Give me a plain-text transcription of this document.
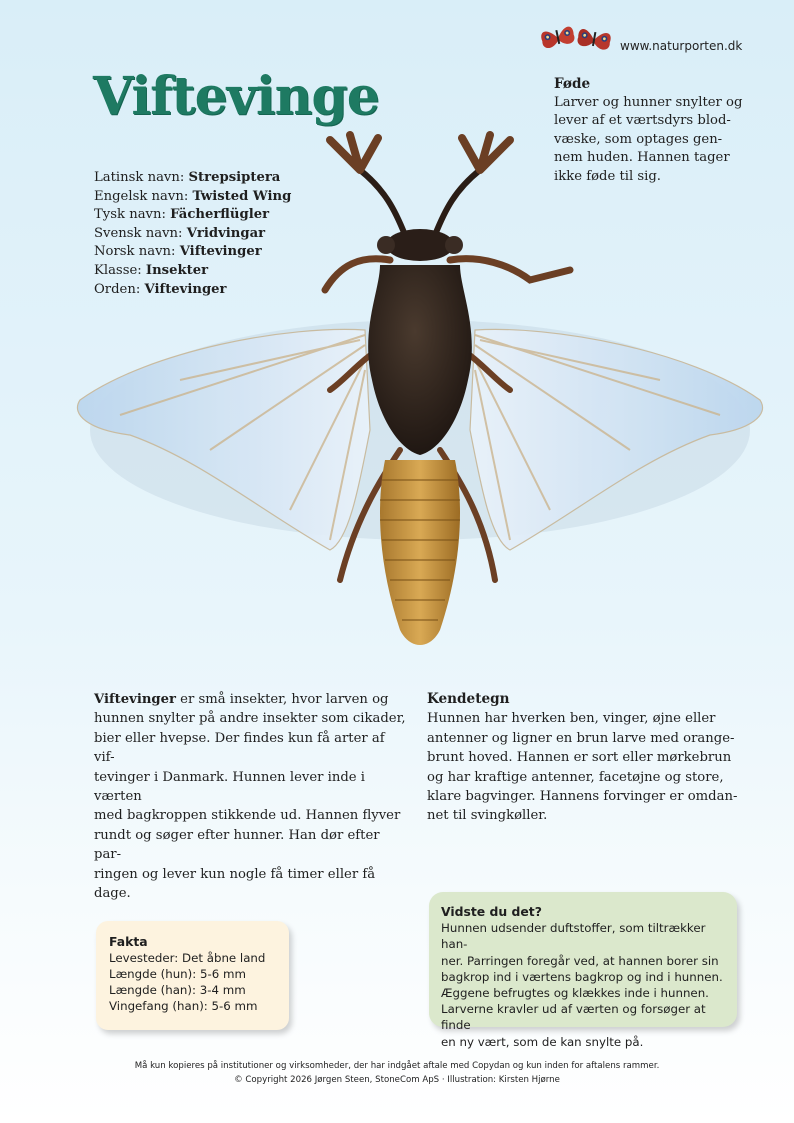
www.naturporten.dk
Viftevinge
Latinsk navn: Strepsiptera
Engelsk navn: Twisted Wing
Tysk navn: Fächerflügler
Svensk navn: Vridvingar
Norsk navn: Viftevinger
Klasse: Insekter
Orden: Viftevinger
Føde
Larver og hunner snylter og
lever af et værtsdyrs blod-
væske, som optages gen-
nem huden. Hannen tager
ikke føde til sig.
Viftevinger er små insekter, hvor larven og
hunnen snylter på andre insekter som cikader,
bier eller hvepse. Der findes kun få arter af vif-
tevinger i Danmark. Hunnen lever inde i værten
med bagkroppen stikkende ud. Hannen flyver
rundt og søger efter hunner. Han dør efter par-
ringen og lever kun nogle få timer eller få dage.
Kendetegn
Hunnen har hverken ben, vinger, øjne eller
antenner og ligner en brun larve med orange-
brunt hoved. Hannen er sort eller mørkebrun
og har kraftige antenner, facetøjne og store,
klare bagvinger. Hannens forvinger er omdan-
net til svingkøller.
Fakta
Levesteder: Det åbne land
Længde (hun): 5-6 mm
Længde (han): 3-4 mm
Vingefang (han): 5-6 mm
Vidste du det?
Hunnen udsender duftstoffer, som tiltrækker han-
ner. Parringen foregår ved, at hannen borer sin
bagkrop ind i værtens bagkrop og ind i hunnen.
Æggene befrugtes og klækkes inde i hunnen.
Larverne kravler ud af værten og forsøger at finde
en ny vært, som de kan snylte på.
Må kun kopieres på institutioner og virksomheder, der har indgået aftale med Copydan og kun inden for aftalens rammer.
© Copyright 2026 Jørgen Steen, StoneCom ApS · Illustration: Kirsten Hjørne
